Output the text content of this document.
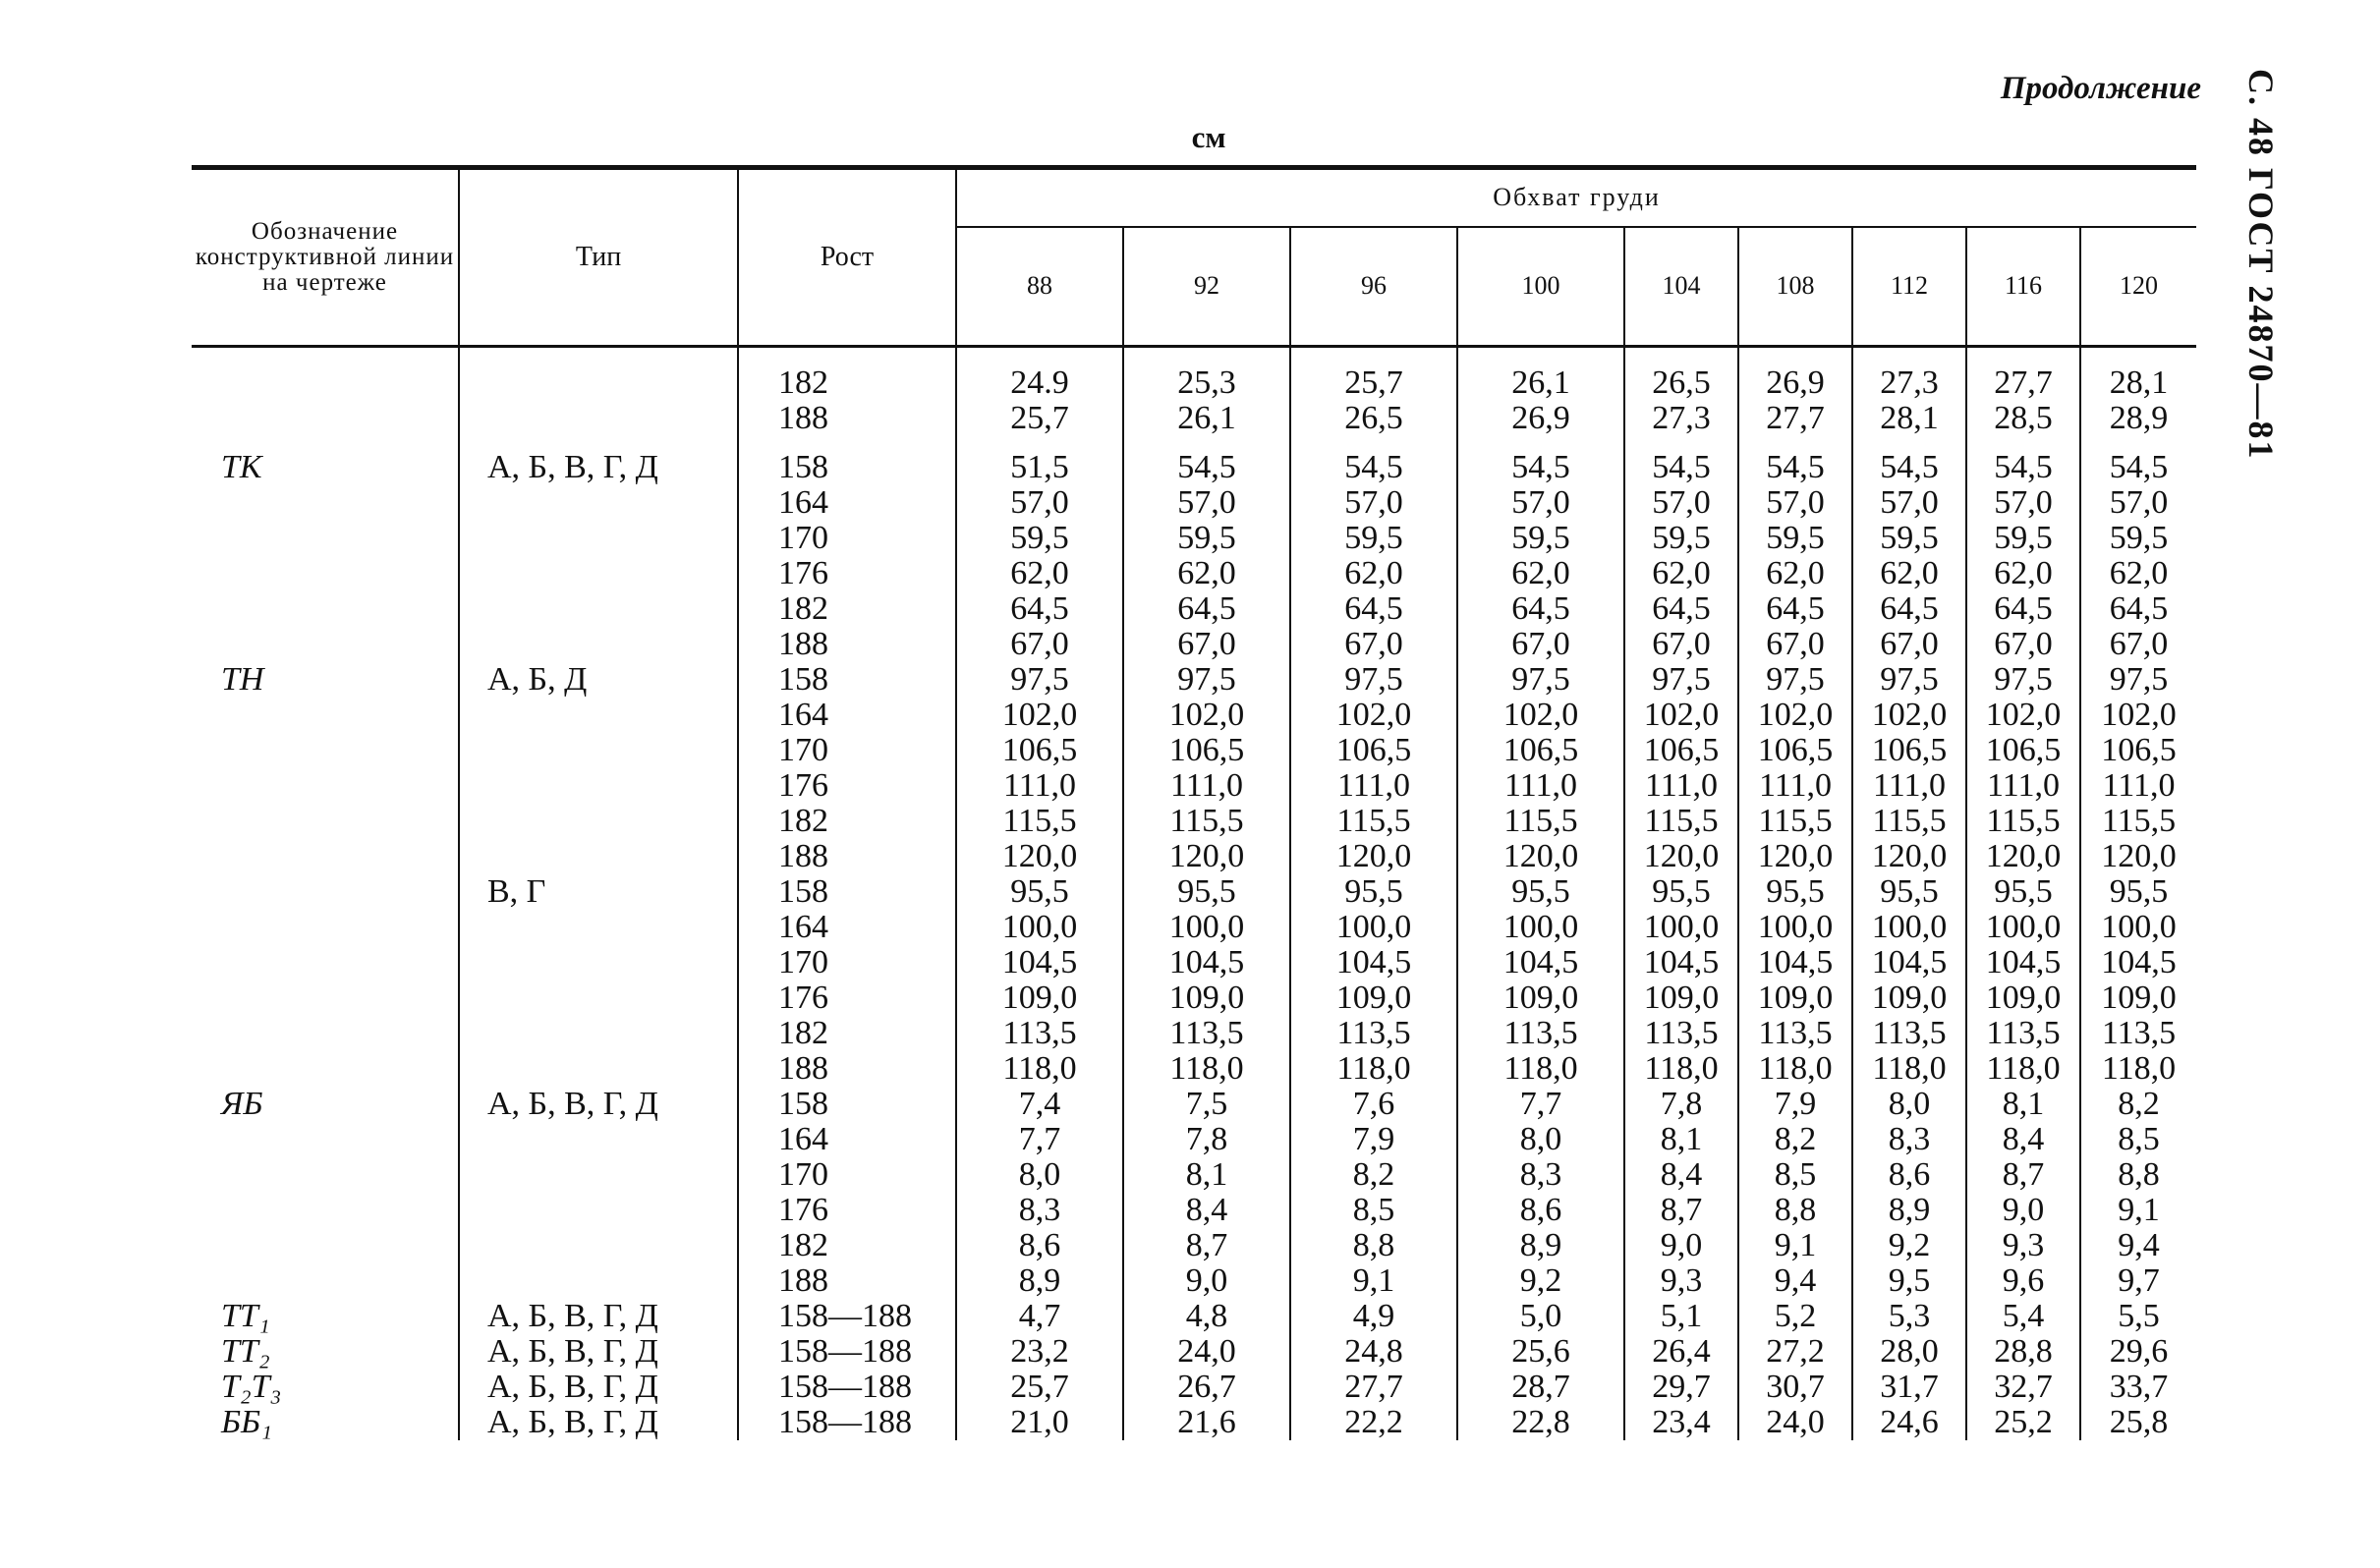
Продолжение	С. 48 ГОСТ 24870—81
см
Обозначение конструктивной линии на чертеже	Тип	Рост	Обхват груди								
			88	92	96	100	104	108	112	116	120

		182	24.9	25,3	25,7	26,1	26,5	26,9	27,3	27,7	28,1
		188	25,7	26,1	26,5	26,9	27,3	27,7	28,1	28,5	28,9

ТК	А, Б, В, Г, Д	158	51,5	54,5	54,5	54,5	54,5	54,5	54,5	54,5	54,5
		164	57,0	57,0	57,0	57,0	57,0	57,0	57,0	57,0	57,0
		170	59,5	59,5	59,5	59,5	59,5	59,5	59,5	59,5	59,5
		176	62,0	62,0	62,0	62,0	62,0	62,0	62,0	62,0	62,0
		182	64,5	64,5	64,5	64,5	64,5	64,5	64,5	64,5	64,5
		188	67,0	67,0	67,0	67,0	67,0	67,0	67,0	67,0	67,0
ТН	А, Б, Д	158	97,5	97,5	97,5	97,5	97,5	97,5	97,5	97,5	97,5
		164	102,0	102,0	102,0	102,0	102,0	102,0	102,0	102,0	102,0
		170	106,5	106,5	106,5	106,5	106,5	106,5	106,5	106,5	106,5
		176	111,0	111,0	111,0	111,0	111,0	111,0	111,0	111,0	111,0
		182	115,5	115,5	115,5	115,5	115,5	115,5	115,5	115,5	115,5
		188	120,0	120,0	120,0	120,0	120,0	120,0	120,0	120,0	120,0
	В, Г	158	95,5	95,5	95,5	95,5	95,5	95,5	95,5	95,5	95,5
		164	100,0	100,0	100,0	100,0	100,0	100,0	100,0	100,0	100,0
		170	104,5	104,5	104,5	104,5	104,5	104,5	104,5	104,5	104,5
		176	109,0	109,0	109,0	109,0	109,0	109,0	109,0	109,0	109,0
		182	113,5	113,5	113,5	113,5	113,5	113,5	113,5	113,5	113,5
		188	118,0	118,0	118,0	118,0	118,0	118,0	118,0	118,0	118,0
ЯБ	А, Б, В, Г, Д	158	7,4	7,5	7,6	7,7	7,8	7,9	8,0	8,1	8,2
		164	7,7	7,8	7,9	8,0	8,1	8,2	8,3	8,4	8,5
		170	8,0	8,1	8,2	8,3	8,4	8,5	8,6	8,7	8,8
		176	8,3	8,4	8,5	8,6	8,7	8,8	8,9	9,0	9,1
		182	8,6	8,7	8,8	8,9	9,0	9,1	9,2	9,3	9,4
		188	8,9	9,0	9,1	9,2	9,3	9,4	9,5	9,6	9,7
ТТ₁	А, Б, В, Г, Д	158—188	4,7	4,8	4,9	5,0	5,1	5,2	5,3	5,4	5,5
ТТ₂	А, Б, В, Г, Д	158—188	23,2	24,0	24,8	25,6	26,4	27,2	28,0	28,8	29,6
Т₂Т₃	А, Б, В, Г, Д	158—188	25,7	26,7	27,7	28,7	29,7	30,7	31,7	32,7	33,7
ББ₁	А, Б, В, Г, Д	158—188	21,0	21,6	22,2	22,8	23,4	24,0	24,6	25,2	25,8
